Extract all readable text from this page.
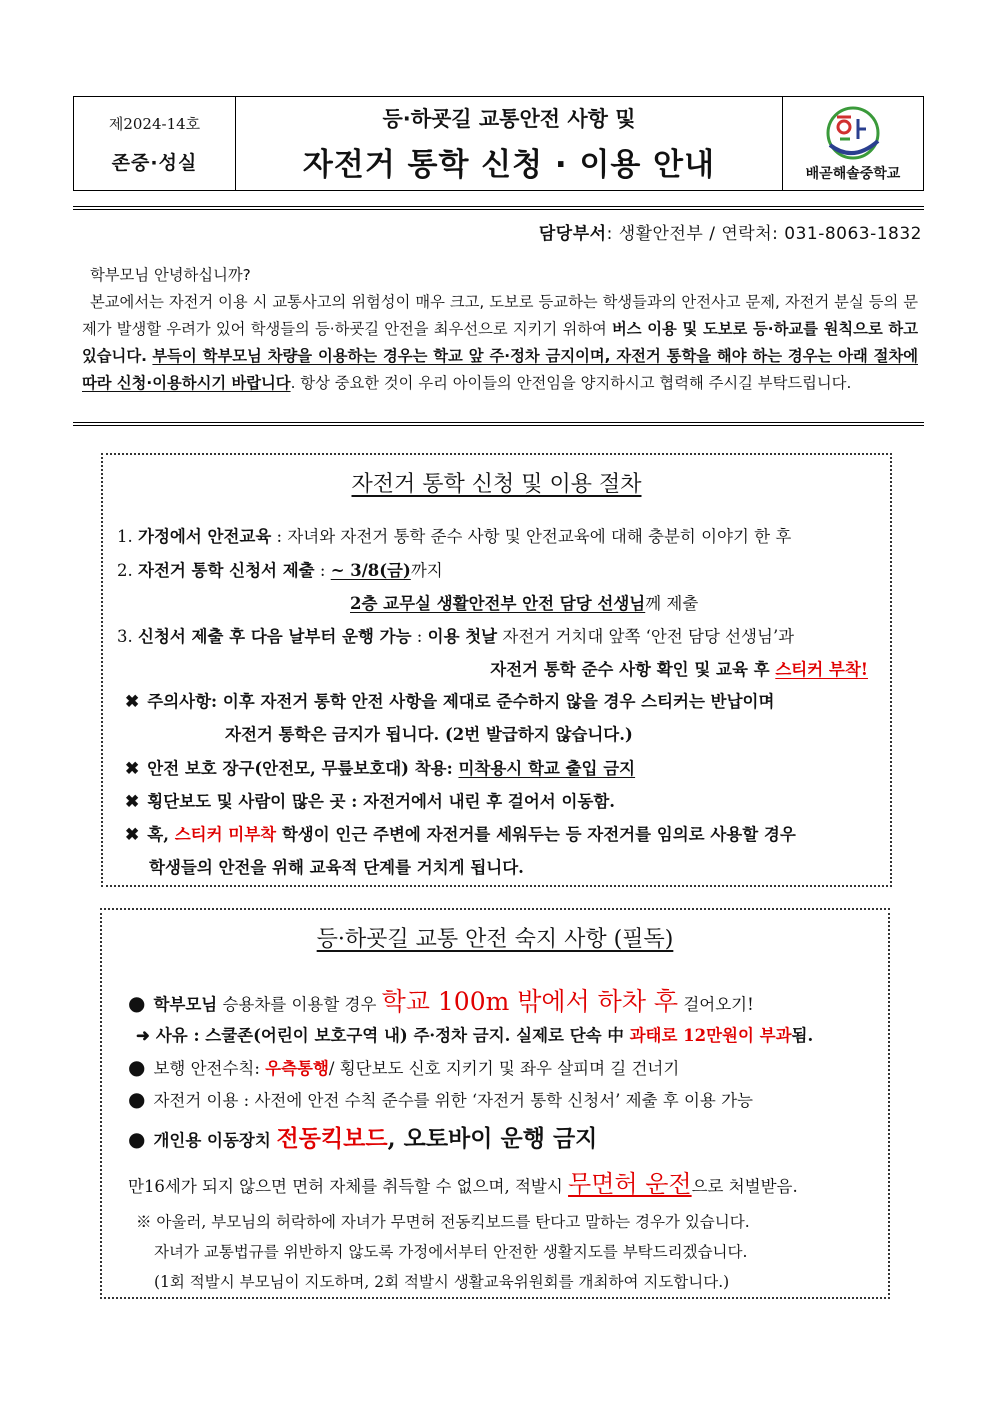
제2024-14호
존중·성실
등·하굣길 교통안전 사항 및
자전거 통학 신청 · 이용 안내	배곧해솔중학교
담당부서: 생활안전부 / 연락처: 031-8063-1832

학부모님 안녕하십니까?

본교에서는 자전거 이용 시 교통사고의 위험성이 매우 크고, 도보로 등교하는 학생들과의 안전사고 문제, 자전거 분실 등의 문제가 발생할 우려가 있어 학생들의 등·하굣길 안전을 최우선으로 지키기 위하여 버스 이용 및 도보로 등·하교를 원칙으로 하고 있습니다. 부득이 학부모님 차량을 이용하는 경우는 학교 앞 주·정차 금지이며, 자전거 통학을 해야 하는 경우는 아래 절차에 따라 신청·이용하시기 바랍니다. 항상 중요한 것이 우리 아이들의 안전임을 양지하시고 협력해 주시길 부탁드립니다.

자전거 통학 신청 및 이용 절차
1. 가정에서 안전교육 : 자녀와 자전거 통학 준수 사항 및 안전교육에 대해 충분히 이야기 한 후
2. 자전거 통학 신청서 제출 : ~ 3/8(금)까지
2층 교무실 생활안전부 안전 담당 선생님께 제출
3. 신청서 제출 후 다음 날부터 운행 가능 : 이용 첫날 자전거 거치대 앞쪽 ‘안전 담당 선생님’과
자전거 통학 준수 사항 확인 및 교육 후 스티커 부착!
✖ 주의사항: 이후 자전거 통학 안전 사항을 제대로 준수하지 않을 경우 스티커는 반납이며
자전거 통학은 금지가 됩니다. (2번 발급하지 않습니다.)
✖ 안전 보호 장구(안전모, 무릎보호대) 착용: 미착용시 학교 출입 금지
✖ 횡단보도 및 사람이 많은 곳 : 자전거에서 내린 후 걸어서 이동함.
✖ 혹, 스티커 미부착 학생이 인근 주변에 자전거를 세워두는 등 자전거를 임의로 사용할 경우
학생들의 안전을 위해 교육적 단계를 거치게 됩니다.
등·하굣길 교통 안전 숙지 사항 (필독)
● 학부모님 승용차를 이용할 경우 학교 100m 밖에서 하차 후 걸어오기!
➜ 사유 : 스쿨존(어린이 보호구역 내) 주·정차 금지. 실제로 단속 中 과태로 12만원이 부과됨.
● 보행 안전수칙: 우측통행/ 횡단보도 신호 지키기 및 좌우 살피며 길 건너기
● 자전거 이용 : 사전에 안전 수칙 준수를 위한 ‘자전거 통학 신청서’ 제출 후 이용 가능
● 개인용 이동장치 전동킥보드, 오토바이 운행 금지
만16세가 되지 않으면 면허 자체를 취득할 수 없으며, 적발시 무면허 운전으로 처벌받음.
※ 아울러, 부모님의 허락하에 자녀가 무면허 전동킥보드를 탄다고 말하는 경우가 있습니다.
자녀가 교통법규를 위반하지 않도록 가정에서부터 안전한 생활지도를 부탁드리겠습니다.
(1회 적발시 부모님이 지도하며, 2회 적발시 생활교육위원회를 개최하여 지도합니다.)
